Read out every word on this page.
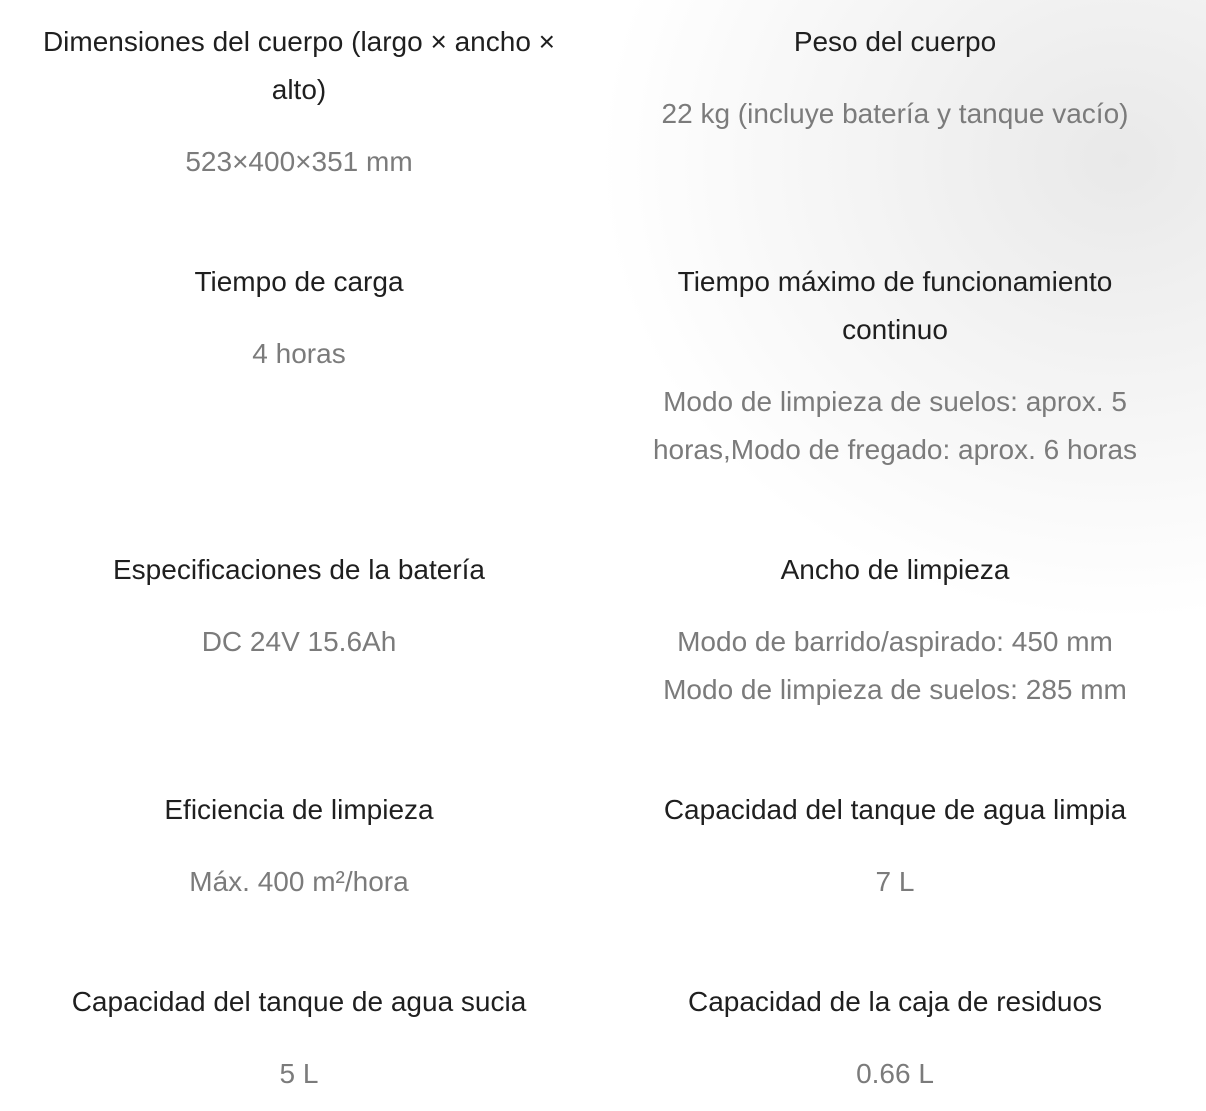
Dimensiones del cuerpo (largo × ancho ×
alto)

523×400×351 mm

Peso del cuerpo

22 kg (incluye batería y tanque vacío)

Tiempo de carga

4 horas

Tiempo máximo de funcionamiento
continuo

Modo de limpieza de suelos: aprox. 5
horas,Modo de fregado: aprox. 6 horas

Especificaciones de la batería

DC 24V 15.6Ah

Ancho de limpieza

Modo de barrido/aspirado: 450 mm
Modo de limpieza de suelos: 285 mm

Eficiencia de limpieza

Máx. 400 m²/hora

Capacidad del tanque de agua limpia

7 L

Capacidad del tanque de agua sucia

5 L

Capacidad de la caja de residuos

0.66 L
